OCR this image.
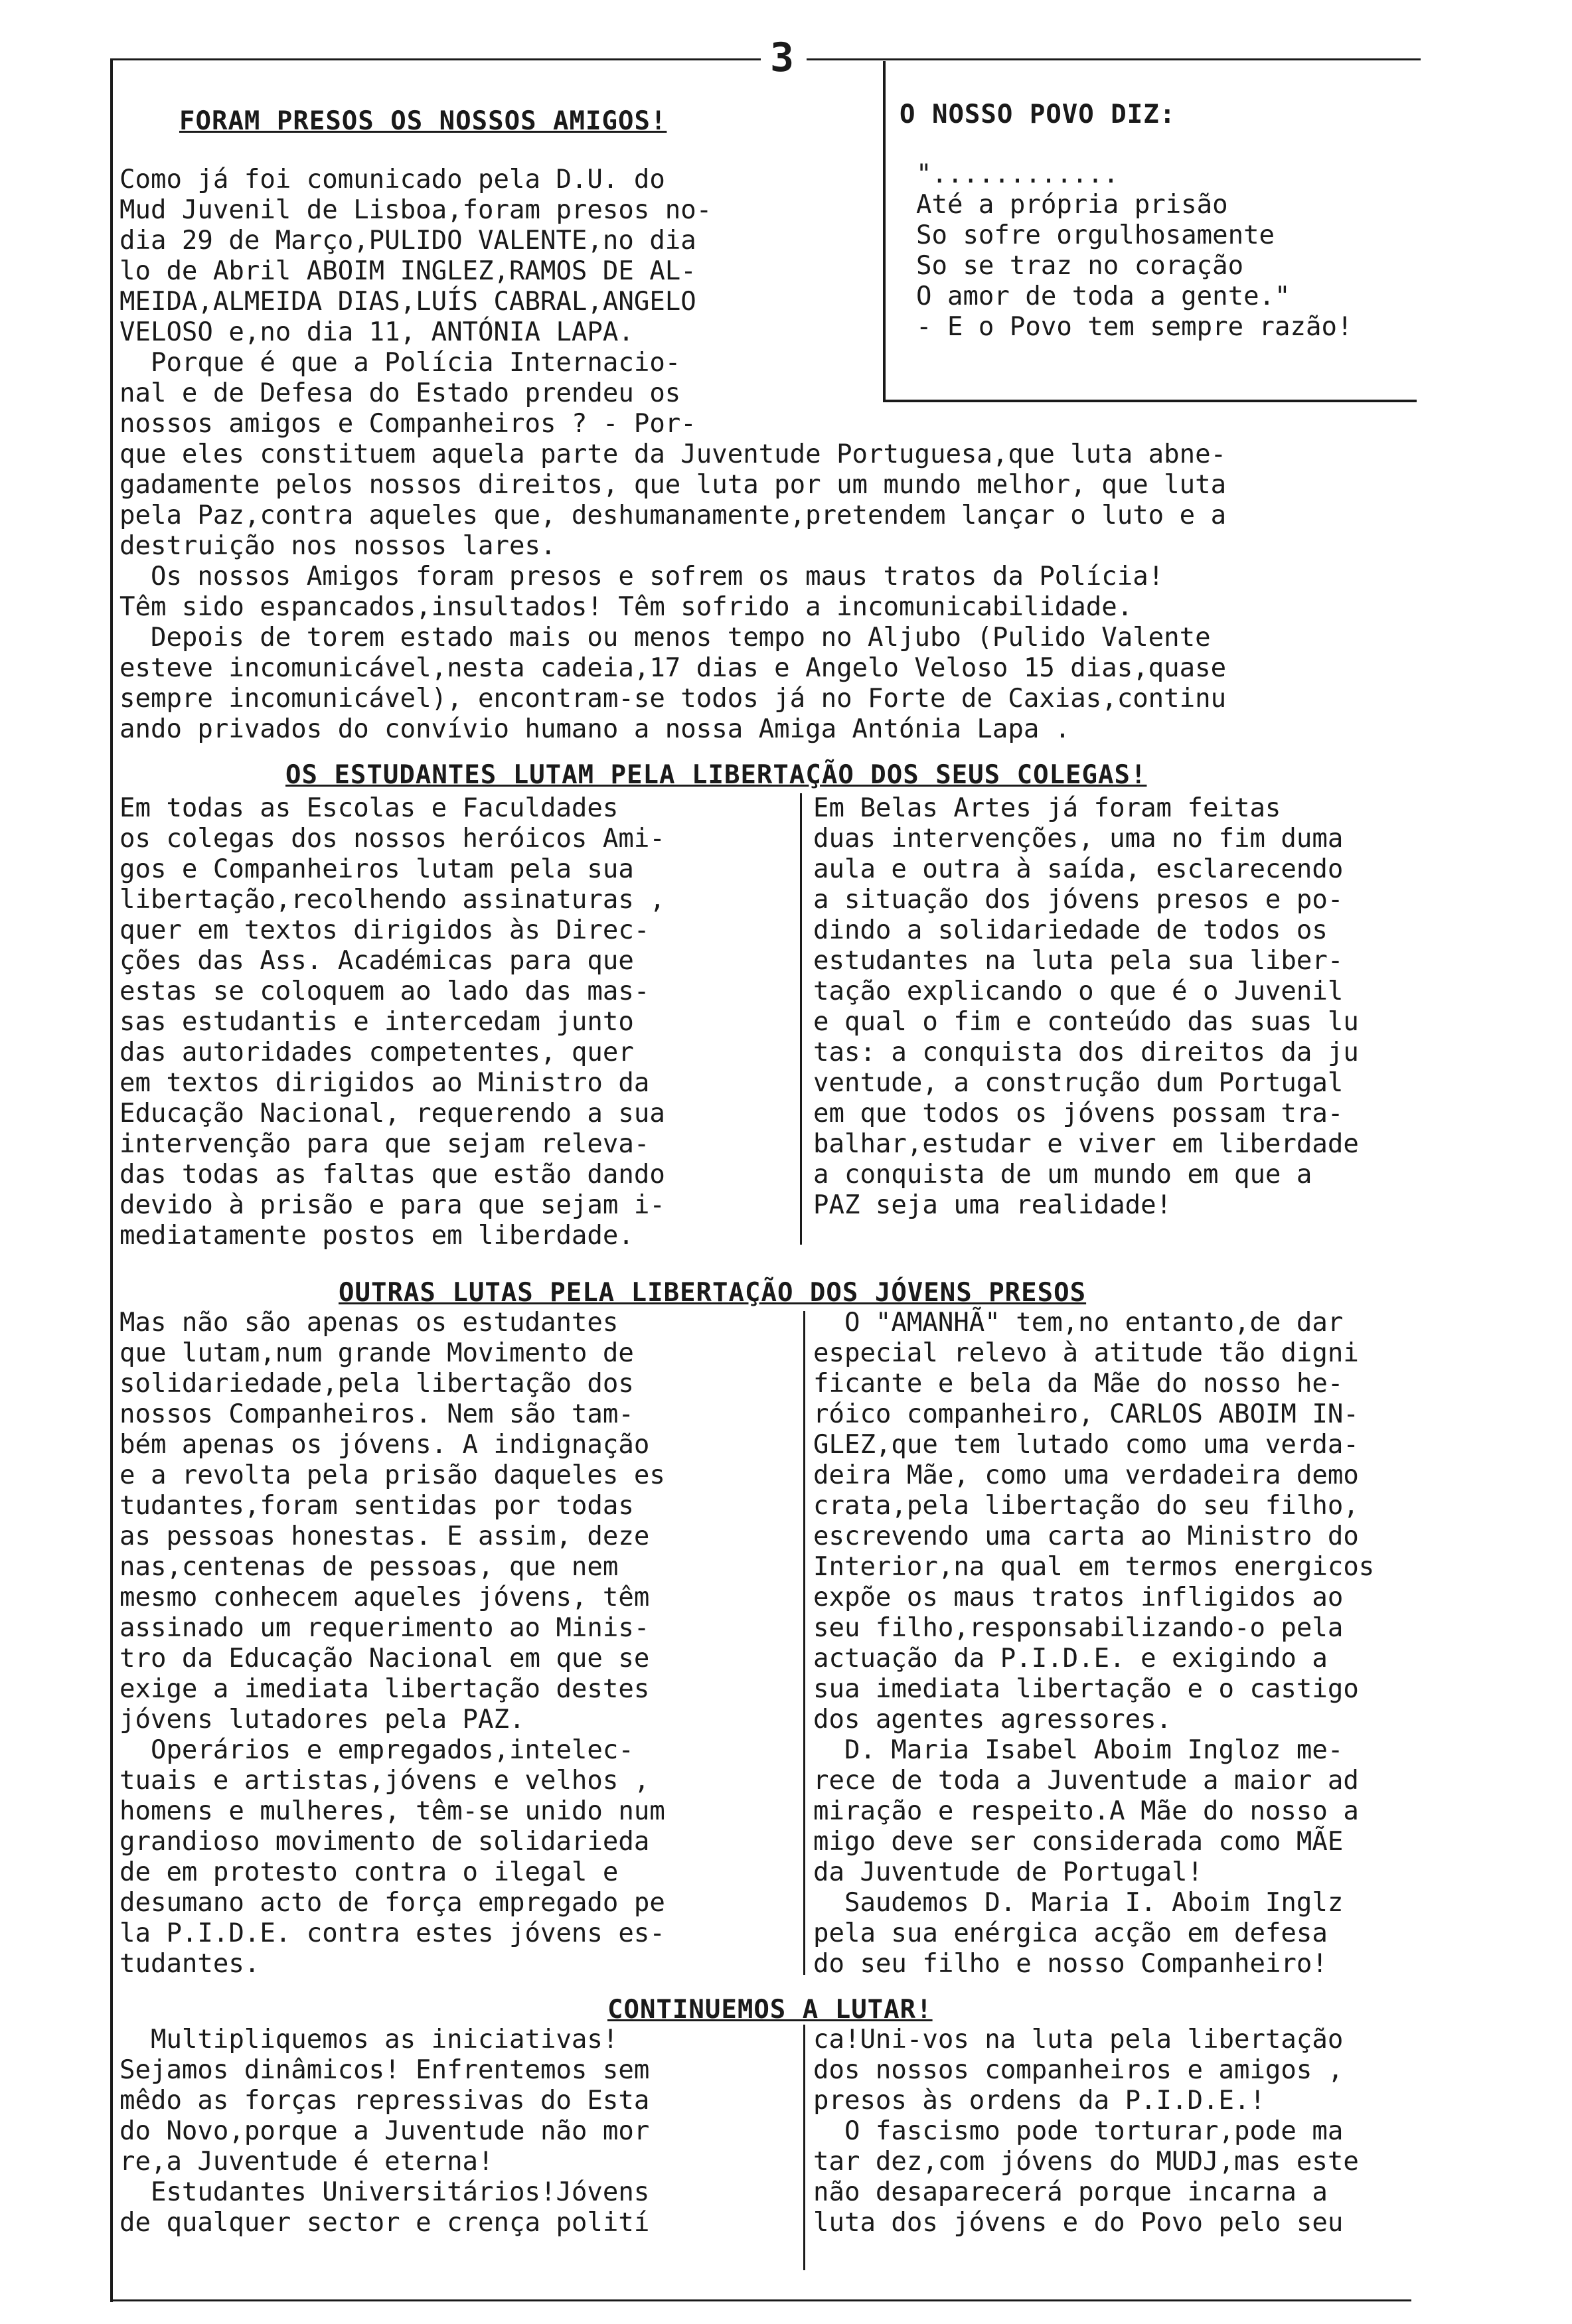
3
FORAM PRESOS OS NOSSOS AMIGOS!

Como já foi comunicado pela D.U. do

Mud Juvenil de Lisboa,foram presos no-

dia 29 de Março,PULIDO VALENTE,no dia

lo de Abril ABOIM INGLEZ,RAMOS DE AL-

MEIDA,ALMEIDA DIAS,LUÍS CABRAL,ANGELO

VELOSO e,no dia 11, ANTÓNIA LAPA.

Porque é que a Polícia Internacio-

nal e de Defesa do Estado prendeu os

nossos amigos e Companheiros ? - Por-

que eles constituem aquela parte da Juventude Portuguesa,que luta abne-

gadamente pelos nossos direitos, que luta por um mundo melhor, que luta

pela Paz,contra aqueles que, deshumanamente,pretendem lançar o luto e a

destruição nos nossos lares.

Os nossos Amigos foram presos e sofrem os maus tratos da Polícia!

Têm sido espancados,insultados! Têm sofrido a incomunicabilidade.

Depois de torem estado mais ou menos tempo no Aljubo (Pulido Valente

esteve incomunicável,nesta cadeia,17 dias e Angelo Veloso 15 dias,quase

sempre incomunicável), encontram-se todos já no Forte de Caxias,continu

ando privados do convívio humano a nossa Amiga Antónia Lapa .

O NOSSO POVO DIZ:

"............

Até a própria prisão

So sofre orgulhosamente

So se traz no coração

O amor de toda a gente."

- E o Povo tem sempre razão!

OS ESTUDANTES LUTAM PELA LIBERTAÇÃO DOS SEUS COLEGAS!

Em todas as Escolas e Faculdades

os colegas dos nossos heróicos Ami-

gos e Companheiros lutam pela sua

libertação,recolhendo assinaturas ,

quer em textos dirigidos às Direc-

ções das Ass. Académicas para que

estas se coloquem ao lado das mas-

sas estudantis e intercedam junto

das autoridades competentes, quer

em textos dirigidos ao Ministro da

Educação Nacional, requerendo a sua

intervenção para que sejam releva-

das todas as faltas que estão dando

devido à prisão e para que sejam i-

mediatamente postos em liberdade.

Em Belas Artes já foram feitas

duas intervenções, uma no fim duma

aula e outra à saída, esclarecendo

a situação dos jóvens presos e po-

dindo a solidariedade de todos os

estudantes na luta pela sua liber-

tação explicando o que é o Juvenil

e qual o fim e conteúdo das suas lu

tas: a conquista dos direitos da ju

ventude, a construção dum Portugal

em que todos os jóvens possam tra-

balhar,estudar e viver em liberdade

a conquista de um mundo em que a

PAZ seja uma realidade!

OUTRAS LUTAS PELA LIBERTAÇÃO DOS JÓVENS PRESOS

Mas não são apenas os estudantes

que lutam,num grande Movimento de

solidariedade,pela libertação dos

nossos Companheiros. Nem são tam-

bém apenas os jóvens. A indignação

e a revolta pela prisão daqueles es

tudantes,foram sentidas por todas

as pessoas honestas. E assim, deze

nas,centenas de pessoas, que nem

mesmo conhecem aqueles jóvens, têm

assinado um requerimento ao Minis-

tro da Educação Nacional em que se

exige a imediata libertação destes

jóvens lutadores pela PAZ.

Operários e empregados,intelec-

tuais e artistas,jóvens e velhos ,

homens e mulheres, têm-se unido num

grandioso movimento de solidarieda

de em protesto contra o ilegal e

desumano acto de força empregado pe

la P.I.D.E. contra estes jóvens es-

tudantes.

O "AMANHÃ" tem,no entanto,de dar

especial relevo à atitude tão digni

ficante e bela da Mãe do nosso he-

róico companheiro, CARLOS ABOIM IN-

GLEZ,que tem lutado como uma verda-

deira Mãe, como uma verdadeira demo

crata,pela libertação do seu filho,

escrevendo uma carta ao Ministro do

Interior,na qual em termos energicos

expõe os maus tratos infligidos ao

seu filho,responsabilizando-o pela

actuação da P.I.D.E. e exigindo a

sua imediata libertação e o castigo

dos agentes agressores.

D. Maria Isabel Aboim Ingloz me-

rece de toda a Juventude a maior ad

miração e respeito.A Mãe do nosso a

migo deve ser considerada como MÃE

da Juventude de Portugal!

Saudemos D. Maria I. Aboim Inglz

pela sua enérgica acção em defesa

do seu filho e nosso Companheiro!

CONTINUEMOS A LUTAR!

Multipliquemos as iniciativas!

Sejamos dinâmicos! Enfrentemos sem

mêdo as forças repressivas do Esta

do Novo,porque a Juventude não mor

re,a Juventude é eterna!

Estudantes Universitários!Jóvens

de qualquer sector e crença polití

ca!Uni-vos na luta pela libertação

dos nossos companheiros e amigos ,

presos às ordens da P.I.D.E.!

O fascismo pode torturar,pode ma

tar dez,com jóvens do MUDJ,mas este

não desaparecerá porque incarna a

luta dos jóvens e do Povo pelo seu
